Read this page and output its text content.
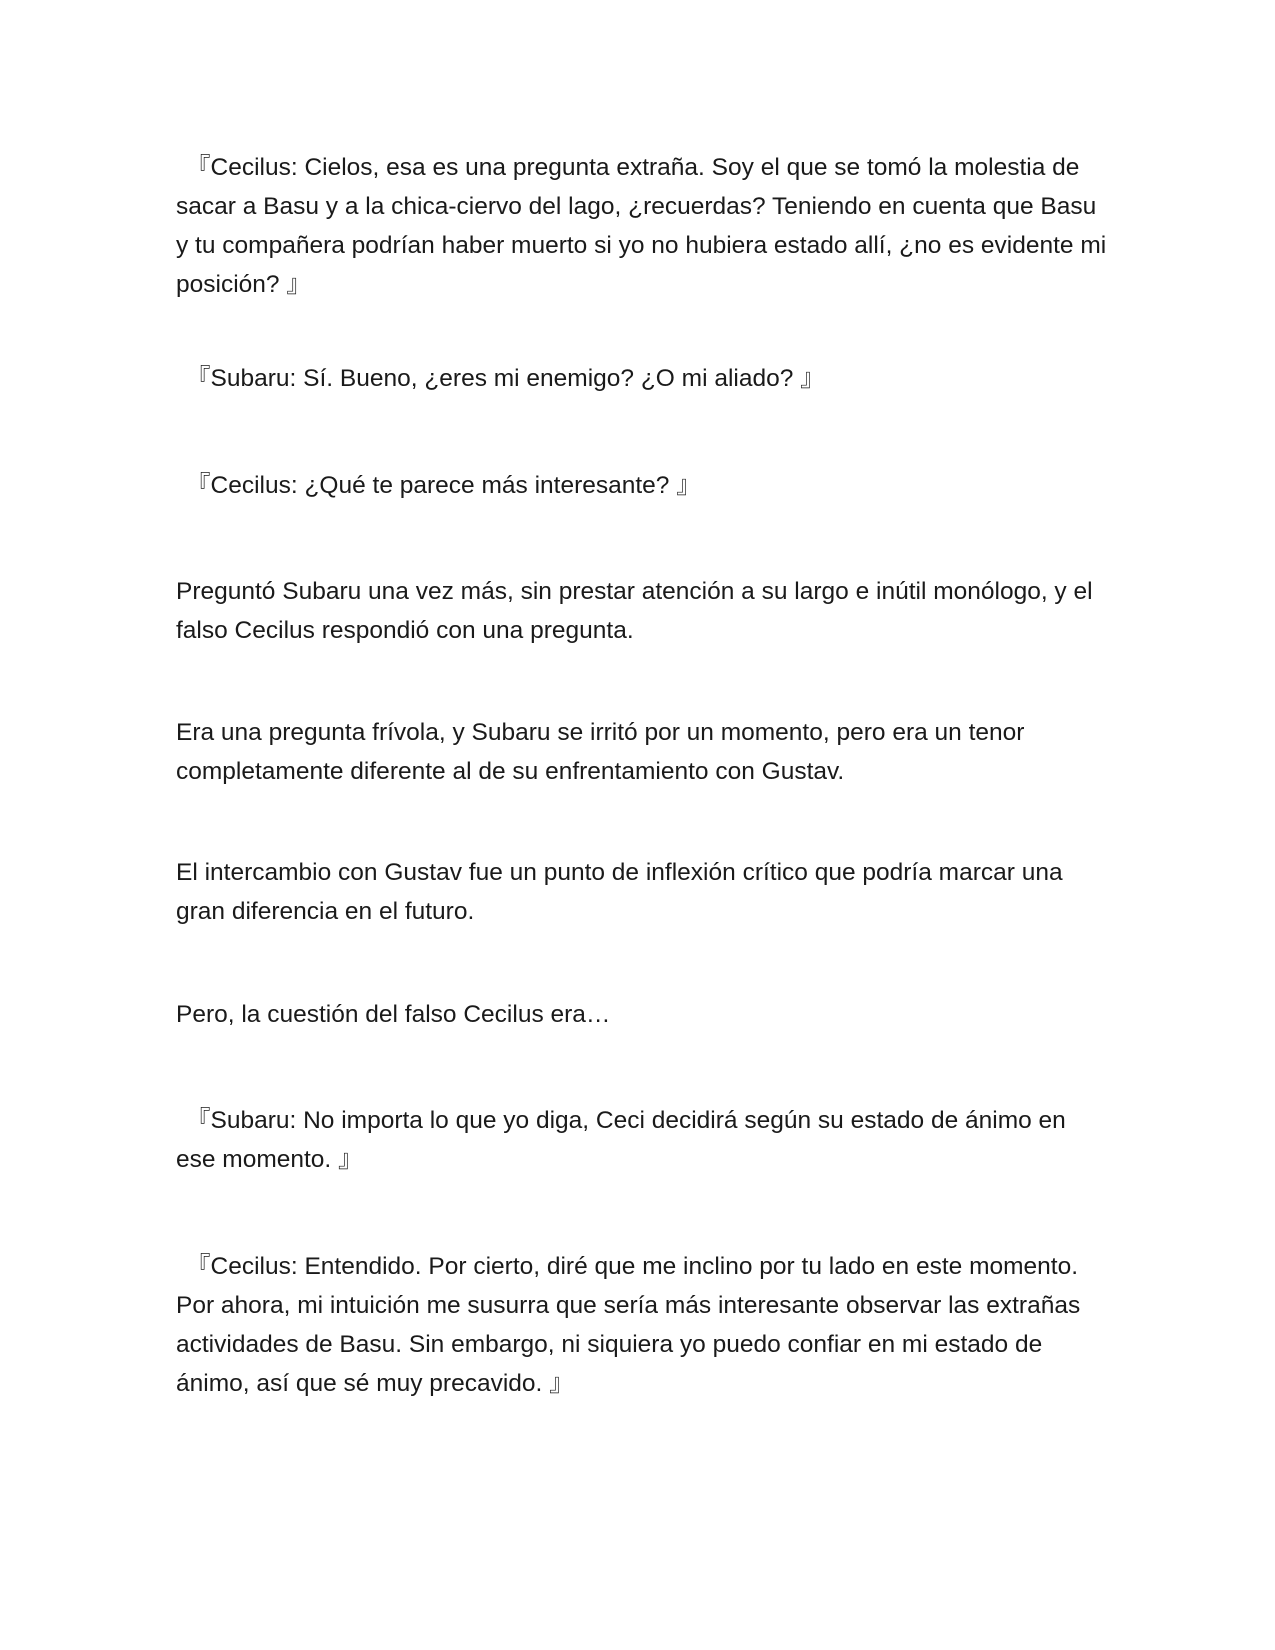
『Cecilus: Cielos, esa es una pregunta extraña. Soy el que se tomó la molestia de sacar a Basu y a la chica-ciervo del lago, ¿recuerdas? Teniendo en cuenta que Basu y tu compañera podrían haber muerto si yo no hubiera estado allí, ¿no es evidente mi posición? 』

『Subaru: Sí. Bueno, ¿eres mi enemigo? ¿O mi aliado? 』

『Cecilus: ¿Qué te parece más interesante? 』

Preguntó Subaru una vez más, sin prestar atención a su largo e inútil monólogo, y el falso Cecilus respondió con una pregunta.

Era una pregunta frívola, y Subaru se irritó por un momento, pero era un tenor completamente diferente al de su enfrentamiento con Gustav.

El intercambio con Gustav fue un punto de inflexión crítico que podría marcar una gran diferencia en el futuro.

Pero, la cuestión del falso Cecilus era…

『Subaru: No importa lo que yo diga, Ceci decidirá según su estado de ánimo en ese momento. 』

『Cecilus: Entendido. Por cierto, diré que me inclino por tu lado en este momento. Por ahora, mi intuición me susurra que sería más interesante observar las extrañas actividades de Basu. Sin embargo, ni siquiera yo puedo confiar en mi estado de ánimo, así que sé muy precavido. 』
